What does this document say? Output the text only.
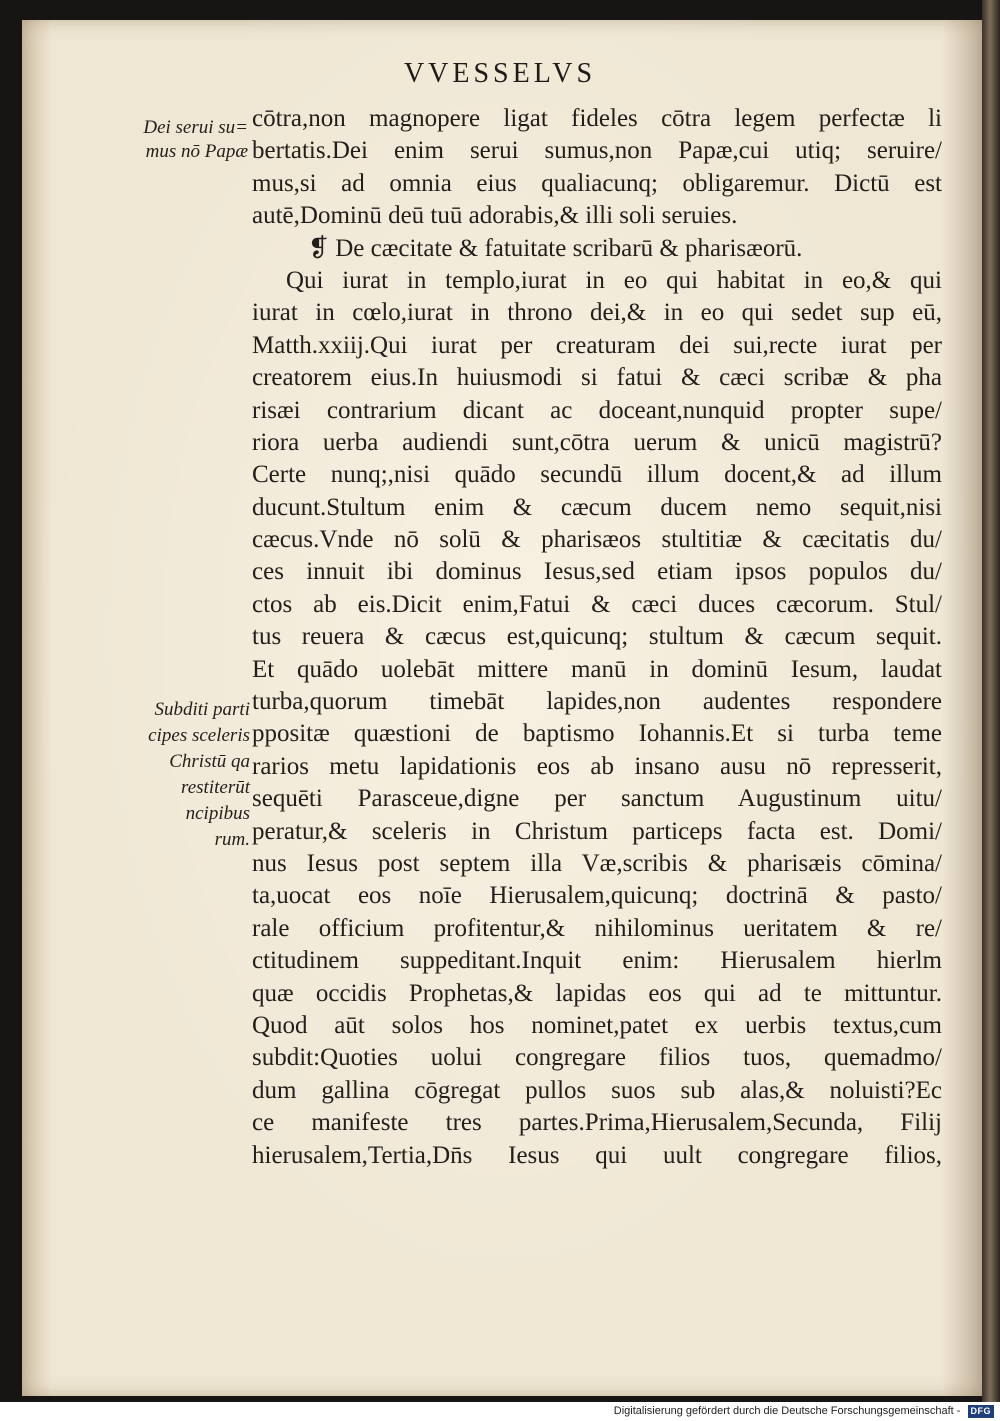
VVESSELVS
Dei serui su=
mus nō Papæ
Subditi parti
cipes sceleris
Christū qa
restiterūt
ncipibus
rum.
cōtra,non magnopere ligat fideles cōtra legem perfectæ li
bertatis.Dei enim serui sumus,non Papæ,cui utiq; seruire/
mus,si ad omnia eius qualiacunq; obligaremur. Dictū est
autē,Dominū deū tuū adorabis,& illi soli seruies.
❡ De cæcitate & fatuitate scribarū & pharisæorū.
Qui iurat in templo,iurat in eo qui habitat in eo,& qui
iurat in cœlo,iurat in throno dei,& in eo qui sedet sup eū,
Matth.xxiij.Qui iurat per creaturam dei sui,recte iurat per
creatorem eius.In huiusmodi si fatui & cæci scribæ & pha
risæi contrarium dicant ac doceant,nunquid propter supe/
riora uerba audiendi sunt,cōtra uerum & unicū magistrū?
Certe nunq;,nisi quādo secundū illum docent,& ad illum
ducunt.Stultum enim & cæcum ducem nemo sequit,nisi
cæcus.Vnde nō solū & pharisæos stultitiæ & cæcitatis du/
ces innuit ibi dominus Iesus,sed etiam ipsos populos du/
ctos ab eis.Dicit enim,Fatui & cæci duces cæcorum. Stul/
tus reuera & cæcus est,quicunq; stultum & cæcum sequit.
Et quādo uolebāt mittere manū in dominū Iesum, laudat
turba,quorum timebāt lapides,non audentes respondere
ppositæ quæstioni de baptismo Iohannis.Et si turba teme
rarios metu lapidationis eos ab insano ausu nō represserit,
sequēti Parasceue,digne per sanctum Augustinum uitu/
peratur,& sceleris in Christum particeps facta est. Domi/
nus Iesus post septem illa Væ,scribis & pharisæis cōmina/
ta,uocat eos noīe Hierusalem,quicunq; doctrinā & pasto/
rale officium profitentur,& nihilominus ueritatem & re/
ctitudinem suppeditant.Inquit enim: Hierusalem hierlm
quæ occidis Prophetas,& lapidas eos qui ad te mittuntur.
Quod aūt solos hos nominet,patet ex uerbis textus,cum
subdit:Quoties uolui congregare filios tuos, quemadmo/
dum gallina cōgregat pullos suos sub alas,& noluisti?Ec
ce manifeste tres partes.Prima,Hierusalem,Secunda, Filij
hierusalem,Tertia,Dn̄s Iesus qui uult congregare filios,
Digitalisierung gefördert durch die Deutsche Forschungsgemeinschaft - DFG
